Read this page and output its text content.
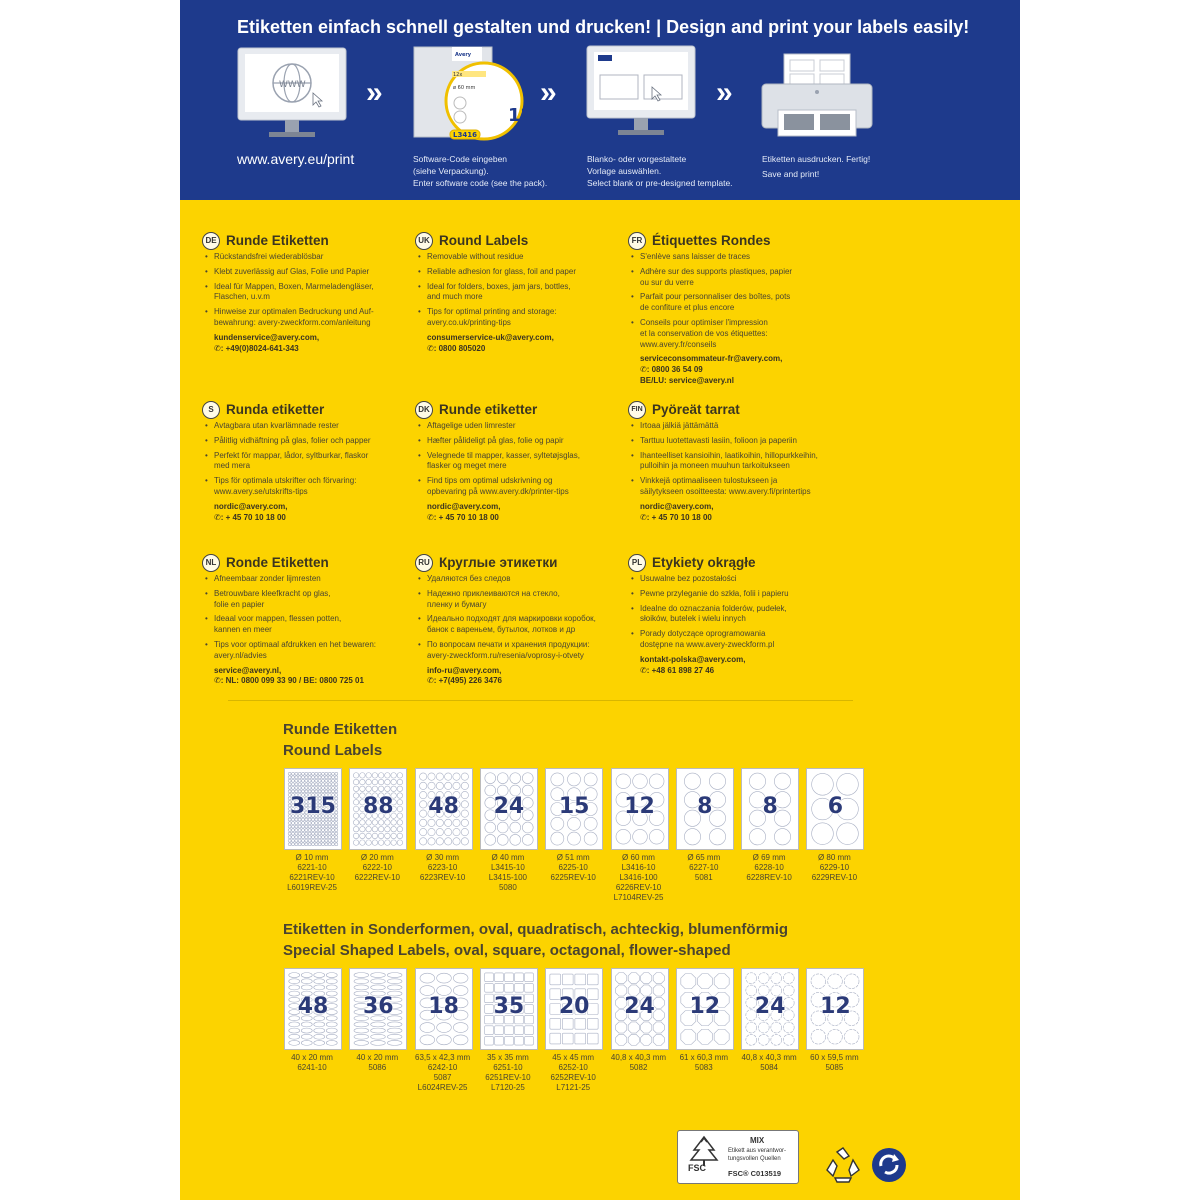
Etiketten einfach schnell gestalten und drucken! | Design and print your labels easily!
WWW
www.avery.eu/print
»
Avery
12x
ø 60 mm
L3416
12
Software-Code eingeben
(siehe Verpackung).
Enter software code (see the pack).
»
Blanko- oder vorgestaltete
Vorlage auswählen.
Select blank or pre-designed template.
»
Etiketten ausdrucken. Fertig!
Save and print!
DE Runde Etiketten
• Rückstandsfrei wiederablösbar
• Klebt zuverlässig auf Glas, Folie und Papier
• Ideal für Mappen, Boxen, Marmeladengläser,
Flaschen, u.v.m
• Hinweise zur optimalen Bedruckung und Auf-
bewahrung: avery-zweckform.com/anleitung
kundenservice@avery.com,
✆: +49(0)8024-641-343
UK Round Labels
• Removable without residue
• Reliable adhesion for glass, foil and paper
• Ideal for folders, boxes, jam jars, bottles,
and much more
• Tips for optimal printing and storage:
avery.co.uk/printing-tips
consumerservice-uk@avery.com,
✆: 0800 805020
FR Étiquettes Rondes
• S'enlève sans laisser de traces
• Adhère sur des supports plastiques, papier
ou sur du verre
• Parfait pour personnaliser des boîtes, pots
de confiture et plus encore
• Conseils pour optimiser l'impression
et la conservation de vos étiquettes:
www.avery.fr/conseils
serviceconsommateur-fr@avery.com,
✆: 0800 36 54 09
BE/LU: service@avery.nl
S Runda etiketter
• Avtagbara utan kvarlämnade rester
• Pålitlig vidhäftning på glas, folier och papper
• Perfekt för mappar, lådor, syltburkar, flaskor
med mera
• Tips för optimala utskrifter och förvaring:
www.avery.se/utskrifts-tips
nordic@avery.com,
✆: + 45 70 10 18 00
DK Runde etiketter
• Aftagelige uden limrester
• Hæfter pålideligt på glas, folie og papir
• Velegnede til mapper, kasser, syltetøjsglas,
flasker og meget mere
• Find tips om optimal udskrivning og
opbevaring på www.avery.dk/printer-tips
nordic@avery.com,
✆: + 45 70 10 18 00
FIN Pyöreät tarrat
• Irtoaa jälkiä jättämättä
• Tarttuu luotettavasti lasiin, folioon ja paperiin
• Ihanteelliset kansioihin, laatikoihin, hillopurkkeihin,
pulloihin ja moneen muuhun tarkoitukseen
• Vinkkejä optimaaliseen tulostukseen ja
säilytykseen osoitteesta: www.avery.fi/printertips
nordic@avery.com,
✆: + 45 70 10 18 00
NL Ronde Etiketten
• Afneembaar zonder lijmresten
• Betrouwbare kleefkracht op glas,
folie en papier
• Ideaal voor mappen, flessen potten,
kannen en meer
• Tips voor optimaal afdrukken en het bewaren:
avery.nl/advies
service@avery.nl,
✆: NL: 0800 099 33 90 / BE: 0800 725 01
RU Круглые этикетки
• Удаляются без следов
• Надежно приклеиваются на стекло,
пленку и бумагу
• Идеально подходят для маркировки коробок,
банок с вареньем, бутылок, лотков и др
• По вопросам печати и хранения продукции:
avery-zweckform.ru/resenia/voprosy-i-otvety
info-ru@avery.com,
✆: +7(495) 226 3476
PL Etykiety okrągłe
• Usuwalne bez pozostałości
• Pewne przyleganie do szkła, folii i papieru
• Idealne do oznaczania folderów, pudełek,
słoików, butelek i wielu innych
• Porady dotyczące oprogramowania
dostępne na www.avery-zweckform.pl
kontakt-polska@avery.com,
✆: +48 61 898 27 46
Runde Etiketten
Round Labels
315
Ø 10 mm
6221-10
6221REV-10
L6019REV-25
88
Ø 20 mm
6222-10
6222REV-10
48
Ø 30 mm
6223-10
6223REV-10
24
Ø 40 mm
L3415-10
L3415-100
5080
15
Ø 51 mm
6225-10
6225REV-10
12
Ø 60 mm
L3416-10
L3416-100
6226REV-10
L7104REV-25
8
Ø 65 mm
6227-10
5081
8
Ø 69 mm
6228-10
6228REV-10
6
Ø 80 mm
6229-10
6229REV-10
Etiketten in Sonderformen, oval, quadratisch, achteckig, blumenförmig
Special Shaped Labels, oval, square, octagonal, flower-shaped
48
40 x 20 mm
6241-10
36
40 x 20 mm
5086
18
63,5 x 42,3 mm
6242-10
5087
L6024REV-25
35
35 x 35 mm
6251-10
6251REV-10
L7120-25
20
45 x 45 mm
6252-10
6252REV-10
L7121-25
24
40,8 x 40,3 mm
5082
12
61 x 60,3 mm
5083
24
40,8 x 40,3 mm
5084
12
60 x 59,5 mm
5085
FSC
MIX
Etikett aus verantwor-
tungsvollen Quellen
FSC® C013519
